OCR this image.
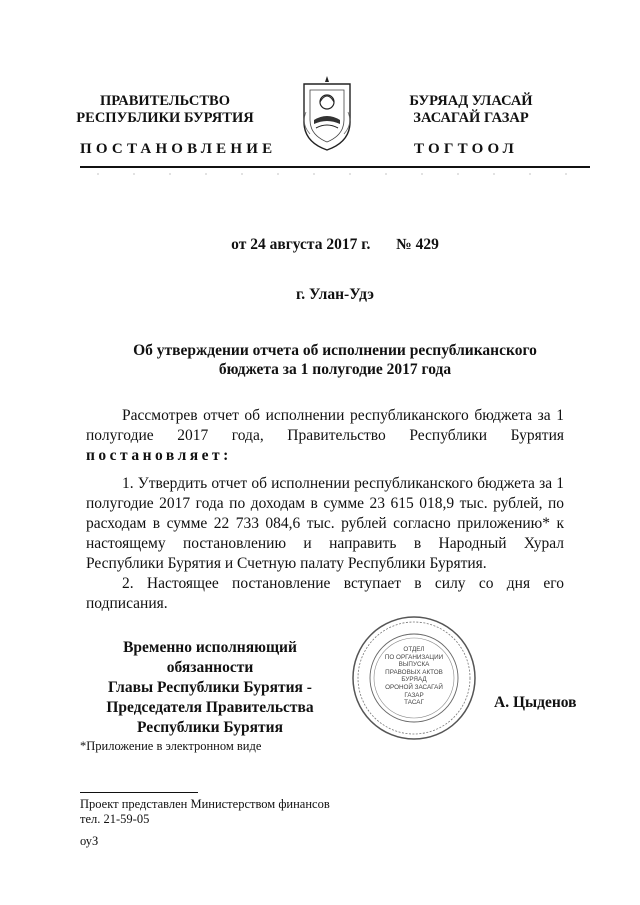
ПРАВИТЕЛЬСТВО
РЕСПУБЛИКИ БУРЯТИЯ
БУРЯАД УЛАСАЙ
ЗАСАГАЙ ГАЗАР
ПОСТАНОВЛЕНИЕ	ТОГТООЛ
от 24 августа 2017 г. № 429
г. Улан-Удэ
Об утверждении отчета об исполнении республиканского
бюджета за 1 полугодие 2017 года
Рассмотрев отчет об исполнении республиканского бюджета за 1 полугодие 2017 года, Правительство Республики Бурятия постановляет:
1. Утвердить отчет об исполнении республиканского бюджета за 1 полугодие 2017 года по доходам в сумме 23 615 018,9 тыс. рублей, по расходам в сумме 22 733 084,6 тыс. рублей согласно приложению* к настоящему постановлению и направить в Народный Хурал Республики Бурятия и Счетную палату Республики Бурятия.
2. Настоящее постановление вступает в силу со дня его подписания.
Временно исполняющий обязанности
Главы Республики Бурятия -
Председателя Правительства
Республики Бурятия
ОТДЕЛ
ПО ОРГАНИЗАЦИИ
ВЫПУСКА
ПРАВОВЫХ АКТОВ
БУРЯАД
ОРОНОЙ ЗАСАГАЙ
ГАЗАР
ТАСАГ	А. Цыденов
*Приложение в электронном виде
Проект представлен Министерством финансов
тел. 21-59-05
оуЗ
